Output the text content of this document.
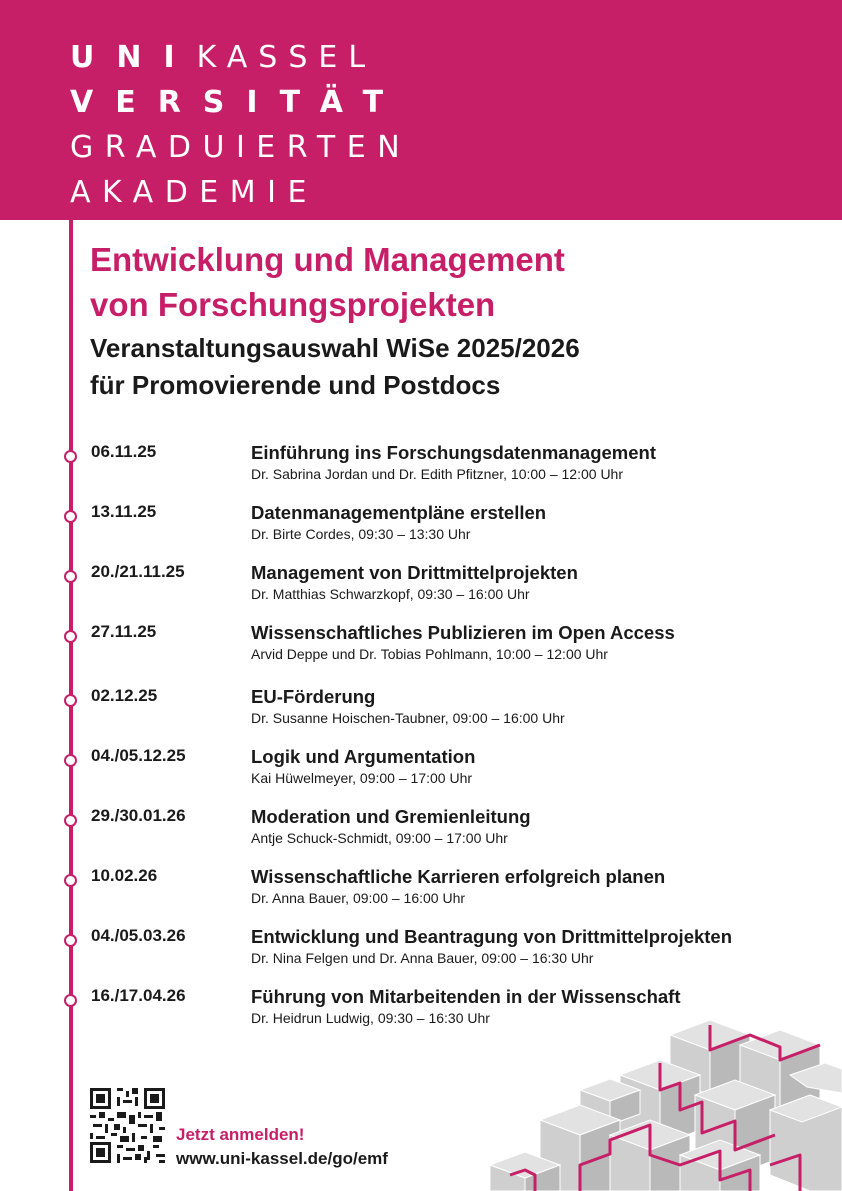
UNIKASSEL
VERSITÄT
GRADUIERTEN
AKADEMIE
Entwicklung und Management
von Forschungsprojekten
Veranstaltungsauswahl WiSe 2025/2026
für Promovierende und Postdocs
06.11.25	Einführung ins Forschungsdatenmanagement
Dr. Sabrina Jordan und Dr. Edith Pfitzner, 10:00 – 12:00 Uhr
13.11.25	Datenmanagementpläne erstellen
Dr. Birte Cordes, 09:30 – 13:30 Uhr
20./21.11.25	Management von Drittmittelprojekten
Dr. Matthias Schwarzkopf, 09:30 – 16:00 Uhr
27.11.25	Wissenschaftliches Publizieren im Open Access
Arvid Deppe und Dr. Tobias Pohlmann, 10:00 – 12:00 Uhr
02.12.25	EU-Förderung
Dr. Susanne Hoischen-Taubner, 09:00 – 16:00 Uhr
04./05.12.25	Logik und Argumentation
Kai Hüwelmeyer, 09:00 – 17:00 Uhr
29./30.01.26	Moderation und Gremienleitung
Antje Schuck-Schmidt, 09:00 – 17:00 Uhr
10.02.26	Wissenschaftliche Karrieren erfolgreich planen
Dr. Anna Bauer, 09:00 – 16:00 Uhr
04./05.03.26	Entwicklung und Beantragung von Drittmittelprojekten
Dr. Nina Felgen und Dr. Anna Bauer, 09:00 – 16:30 Uhr
16./17.04.26	Führung von Mitarbeitenden in der Wissenschaft
Dr. Heidrun Ludwig, 09:30 – 16:30 Uhr
Jetzt anmelden!
www.uni-kassel.de/go/emf
